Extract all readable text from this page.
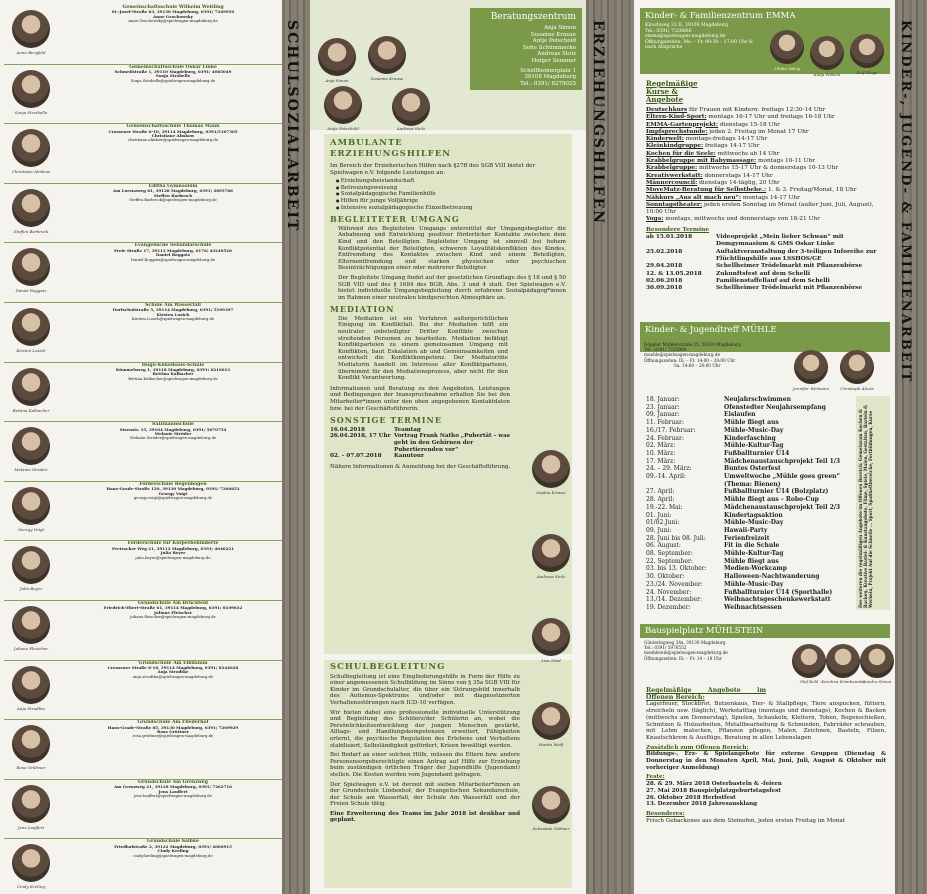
Anne Bergfeld
Gemeinschaftsschule Wilhelm Weitling
St.-Josef-Straße 63, 39130 Magdeburg, 0391/ 7269950
Anne Grochowsky
Anne.Grochowsky@spielwagen-magdeburg.de
Sonja Streibelle
Gemeinschaftsschule Oskar Linke
Schmeilstraße 1, 39110 Magdeburg, 0391/ 4085049
Sonja Strobelle
Sonja.Strobelle@spielwagen-magdeburg.de
Christiane Almkow
Gemeinschaftsschule Thomas Mann
Crossener Straße 6-10, 39114 Magdeburg, 0391/5107305
Christiane Almkow
christiane.almkow@spielwagen-magdeburg.de
Steffen Barbrock
Editha Gymnasium
Am Lorenzweg 81, 39128 Magdeburg, 0391/ 2895766
Steffen Barbrock
Steffen.Barbrock@spielwagen-magdeburg.de
Daniel Roggatz
Evangelische Sekundarschule
Freie Straße 17, 39112 Magdeburg, 0176/ 43249520
Daniel Roggatz
Daniel.Roggatz@spielwagen-magdeburg.de
Kirsten Losich
Schule Am Wasserfall
Dorfschulstraße 5, 39114 Magdeburg, 0391/ 5109397
Kirsten Losich
Kirsten.Losich@spielwagen-magdeburg.de
Bettina Kalbacher
Hugo-Kükelhaus-Schule
Kümmelsweg 1, 39118 Magdeburg, 0391/ 6216013
Bettina Kalbacher
Bettina.Kalbacher@spielwagen-magdeburg.de
Melanie Strüder
Salzmannschule
Sternstr. 15, 39104 Magdeburg, 0391/ 5070754
Melanie Strüder
Melanie.Strüder@spielwagen-magdeburg.de
Georgy Voigt
Förderschule Regenbogen
Hans-Grade-Straße 120, 39130 Magdeburg, 0391/ 7260652
Georgy Voigt
georgy.voigt@spielwagen-magdeburg.de
Julia Beyer
Förderschule für Körperbehinderte
Pretzscher Weg 21, 39112 Magdeburg, 0391/ 4046221
Julia Beyer
julia.beyer@spielwagen-magdeburg.de
Juliane Fleischer
Grundschule Am Brückfeld
Friedrich-Ebert-Straße 61, 39114 Magdeburg, 0391/ 8109632
Juliane Fleischer
juliane.fleischer@spielwagen-magdeburg.de
Anja Strodtke
Grundschule Am Elbdamm
Crossener Straße 6-10, 39114 Magdeburg, 0391/ 8244028
Anja Strodtke
anja.strodtke@spielwagen-magdeburg.de
Rosa Grüttner
Grundschule Am Fliederhof
Hans-Grade-Straße 85, 39130 Magdeburg, 0391/ 7269929
Rosa Grüttner
rosa.grüttner@spielwagen-magdeburg.de
Jens Lauffert
Grundschule Am Grenzweg
Am Grenzweg 21, 39128 Magdeburg, 0391/ 7262716
Jens Lauffert
jens.lauffert@spielwagen-magdeburg.de
Cindy Kreling
Grundschule Salbke
Friedhofstraße 2, 39122 Magdeburg, 0391/ 4060915
Cindy Kreling
cindy.kreling@spielwagen-magdeburg.de
SCHULSOZIALARBEIT
Beratungszentrum
Anja Simon
Susanne Krause
Antje Petschold
Sofie Schümmecke
Andreas Stolz
Holger Semmer
Schellheimerplatz 1
39108 Magdeburg
Tel.: 0391/ 6279025
Anja Simon	Susanne Krause
Antje Petschold	Andreas Stolz
AMBULANTE ERZIEHUNGSHILFEN
Im Bereich der Erzieherischen Hilfen nach §27ff des SGB VIII bietet der Spielwagen e.V. folgende Leistungen an:
● Erziehungsbeistandschaft
● Betreuungsweisung
● Sozialpädagogische Familienhilfe
● Hilfen für junge Volljährige
● Intensive sozialpädagogische Einzelbetreuung
BEGLEITETER UMGANG
Während des Begleiteten Umgangs unterstützt der Umgangsbegleiter die Anbahnung und Entwicklung positiver förderlicher Kontakte zwischen dem Kind und den Beteiligten. Begleiteter Umgang ist sinnvoll bei hohem Konfliktpotential der Beteiligten, schweren Loyalitätskonflikten des Kindes, Entfremdung des Kontaktes zwischen Kind und einem Beteiligten, Elternentfremdung und starken physischen oder psychischen Beeinträchtigungen einer oder mehrerer Beteiligter.
Der Begleitete Umgang findet auf der gesetzlichen Grundlage des § 18 und § 50 SGB VIII und des § 1684 des BGB, Abs. 3 und 4 statt. Der Spielwagen e.V. bietet individuelle Umgangsbegleitung durch erfahrene Sozialpädagog*innen im Rahmen einer neutralen kindgerechten Atmosphäre an.
MEDIATION
Die Mediation ist ein Verfahren außergerichtlichen Einigung im Konfliktfall. Bei der Mediation hilft ein neutraler unbeteiligter Dritter Konflikte zwischen streitenden Personen zu bearbeiten. Mediation befähigt Konfliktparteien zu einem gemeinsamen Umgang mit Konflikten, baut Eskalation ab und Gemeinsamkeiten und entwickelt die Konfliktkompetenz. Der Mediator/die Mediatorin handelt im Interesse aller Konfliktparteien, übernimmt für den Mediationsprozess, aber nicht für den Konflikt Verantwortung.
Informationen und Beratung zu den Angeboten, Leistungen und Bedingungen der Inanspruchnahme erhalten Sie bei den Mitarbeiter*innen unter den oben angegebenen Kontaktdaten bzw. bei der Geschäftsführerin.
SONSTIGE TERMINE
16.04.2018	Teamtag
26.04.2018, 17 Uhr Vortrag Frank Natho „Pubertät – was geht in den Gehirnen der Pubertierenden vor“
02. – 07.07.2018	Kanutour
Nähere Informationen & Anmeldung bei der Geschäftsführung.
SCHULBEGLEITUNG
Schulbegleitung ist eine Eingliederungshilfe in Form der Hilfe zu einer angemessenen Schulbildung im Sinne von § 35a SGB VIII für Kinder im Grundschulalter, die über ein Störungsbild innerhalb des Autismus-Spektrums und/oder mit diagnostizierten Verhaltensstörungen nach ICD-10 verfügen.
Wir bieten dabei eine professionelle individuelle Unterstützung und Begleitung des Schülers/der Schülerin an, wobei die Persönlichkeitsentwicklung der jungen Menschen gestärkt, Alltags- und Handlungskompetenzen erweitert, Fähigkeiten erlernt, die psychische Regulation des Erlebens und Verhaltens stabilisiert, Selbständigkeit gefördert, Krisen bewältigt werden.
Bei Bedarf an einer solchen Hilfe, müssen die Eltern bzw. andere Personensorgeberechtigte einen Antrag auf Hilfe zur Erziehung beim zuständigen örtlichen Träger der Jugendhilfe (Jugendamt) stellen. Die Kosten werden vom Jugendamt getragen.
Der Spielwagen e.V. ist derzeit mit sieben Mitarbeiter*innen an der Grundschule Lindenhof, der Evangelischen Sekundarschule, der Schule am Wasserfall, der Schule Am Wasserfall und der Freien Schule tätig.
Eine Erweiterung des Teams im Jahr 2018 ist denkbar und geplant.
Sophia Krause
Andreas Stolz
Lisa Nied
Marita Weiß
Sebastian Göttner
ERZIEHUNGSHILFEN
Kinder- & Familienzentrum EMMA
Kirschweg 32 II, 39108 Magdeburg
Tel.: 0391/ 7328666
emma@spielwagen-magdeburg.de
Öffnungszeiten: Mo. – Fr. 09:30 – 17:00 Uhr & nach Absprache
Ulrike Vahry
Katja Pollack	Rolf Kluge
Regelmäßige Kurse & Angebote
Deutschkurs für Frauen mit Kindern: freitags 12:30-14 Uhr
Eltern-Kind-Sport: montags 16-17 Uhr und freitags 16-18 Uhr
EMMA-Gartenprojekt: dienstags 15-18 Uhr
Impfsprechstunde: jeden 2. Freitag im Monat 17 Uhr
Kinderwelt: montags-freitags 14-17 Uhr
Kleinkindgruppe: freitags 14-17 Uhr
Kochen für die Seele: mittwochs ab 14 Uhr
Krabbelgruppe mit Babymassage: montags 10-11 Uhr
Krabbelgruppe: mittwochs 15-17 Uhr & donnerstags 10-13 Uhr
Kreativwerkstatt: donnerstags 14-17 Uhr
Männercouncil: dienstags 14-täglig, 20 Uhr
MoveMatz-Beratung für Selbstbehe.: 1. & 3. Freitag/Monat, 18 Uhr
Nähkurs „Aus alt mach neu“: montags 14-17 Uhr
Sonntagstheater: jeden ersten Sonntag im Monat (außer Juni, Juli, August), 10:00 Uhr
Yoga: montags, mittwochs und donnerstags von 18-21 Uhr
Besondere Termine
ab 15.01.2018	Videoprojekt „Mein lieber Schwan“ mit Domgymnasium & GMS Oskar Linke
25.02.2018	Auftaktveranstaltung der 3-teiligen Inforeihe zur Flüchtlingshilfe aus LSSHOS/GE
29.04.2018	Schellheimer Trödelmarkt mit Pflanzenbörse
12. & 13.05.2018	Zukunftsfest auf dem Schelli
02.06.2018	Familienstaffellauf auf dem Schelli
30.09.2018	Schellheimer Trödelmarkt mit Pflanzenbörse
Kinder- & Jugendtreff MÜHLE
Döppler Mühlenstraße 25, 39130 Magdeburg
Tel.: 0391/ 7225804
muehle@spielwagen-magdeburg.de
Öffnungszeiten: Di. – Fr. 14:00 – 20:00 Uhr
Sa. 14:00 – 20:00 Uhr
Jennifer Weimann	Christoph Alexis
18. Januar:	Neujahrschwimmen
23. Januar:	Ofenstedter Neujahrsempfang
09. Januar:	Eislaufen
11. Februar:	Mühle fliegt aus
16./17. Februar:	Mühle-Music-Day
24. Februar:	Kinderfasching
02. März:	Mühle-Kultur-Tag
10. März:	Fußballturnier Ü14
17. März:	Mädchenaustauschprojekt Teil 1/3
24. – 29. März:	Buntes Osterfest
09.-14. April:	Umweltwoche „Mühle goes green“ (Thema: Bienen)
27. April:	Fußballturnier Ü14 (Bolzplatz)
28. April:	Mühle fliegt aus – Robo-Cup
19.-22. Mai:	Mädchenaustauschprojekt Teil 2/3
01. Juni:	Kindertagsaktion
01/02.Juni:	Mühle-Music-Day
09. Juni:	Hawaii-Party
28. Juni bis 08. Juli:	Ferienfreizeit
06. August:	Fit in die Schule
08. September:	Mühle-Kultur-Tag
22. September:	Mühle fliegt aus
03. bis 13. Oktober:	Medien-Workcamp
30. Oktober:	Halloween-Nachtwanderung
23./24. November:	Mühle-Music-Day
24. November:	Fußballturnier Ü14 (Sporthalle)
13./14. Dezember:	Weihnachtsgeschenkewerkstatt
19. Dezember:	Weihnachtsessen	Des weiteren die regelmäßigen Angebote im Offenen Bereich: Gemeinsam Kochen & Backen, Kreative Bastel- & Kunstangebote, Filme, Spiele, Malen, Gestalten, Basteln & Werkeln, Projekt Auf die Schnelle ... Sport, Spaßheftbereiche, Fortbildungen, Kurse
Bauspielplatz MÜHLSTEIN
Günteringweg 24a, 39130 Magdeburg
Tel.: 0391/ 5976552
muehlstein@spielwagen-magdeburg.de
Öffnungszeiten: Di. – Fr. 14 – 18 Uhr
Olaf Kohl Karolina Krimkowska
Sandra Simon
Regelmäßige Angebote im Offenen Bereich:
Lagerfeuer, Stockbrot, Butzenkaus, Tier- & Stallpflege, Tiere anspucken, füttern, streicheln usw. (täglich), Werkstatttag (montags und dienstags), Kochen & Backen (mittwochs am Donnerstag), Spielen, Schaukeln, Klettern, Toben, Bogenschießen, Schnitzen & Holzarbeiten, Metallbearbeitung & Schmieden, Fahrräder schrauben, mit Lehm matschen, Pflanzen pflegen, Malen, Zeichnen, Basteln, Filzen, Knautschkrem & Ausflüge, Beratung in allen Lebenslagen
Zusätzlich zum Offenen Bereich:
Bildungs-, Erz- & Spielangebote für externe Gruppen (Dienstag & Donnerstag in den Monaten April, Mai, Juni, Juli, August & Oktober mit vorheriger Anmeldung)
Feste:
28. & 29. März 2018 Osterbasteln & -feiern
27. Mai 2018 Bauspielplatzgeburtstagsfest
26. Oktober 2018 Herbstfest
13. Dezember 2018 Jahresausklang
Besonderes:
Frisch Gebackenes aus dem Steinofen, jeden ersten Freitag im Monat
KINDER-, JUGEND- & FAMILIENARBEIT
